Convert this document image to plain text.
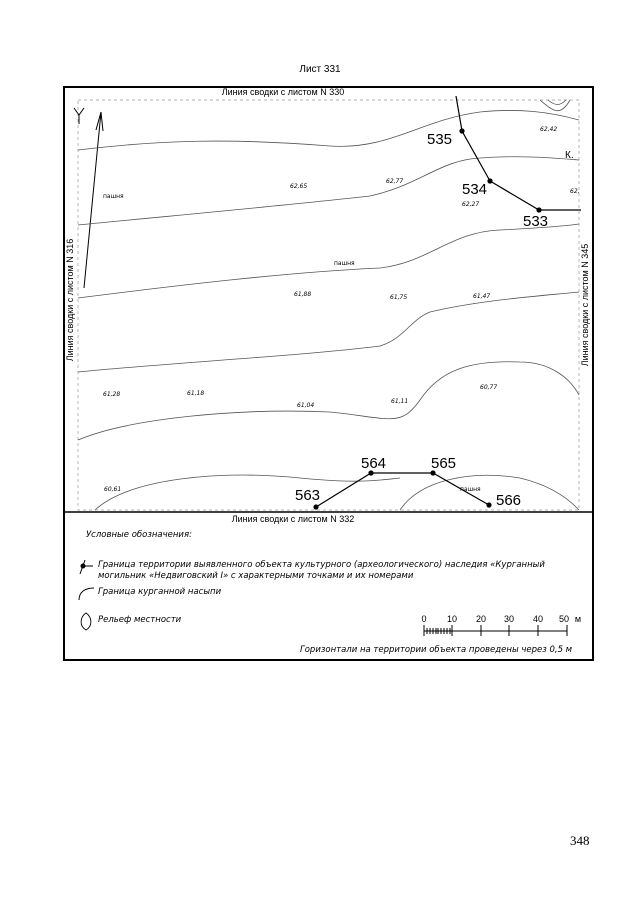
Лист 331
Линия сводки с листом N 330
Линия сводки с листом N 332
Линия сводки с листом N 316	Линия сводки с листом N 345
62,42
62,65
62,77
62,27
62,
61,88	61,75	61,47
61,28	61,18
61,04
61,11
60,77
60,61
пашня
пашня
пашня
К.
535
534
533
563
564	565
566
0 10 20 30 40 50 м
Условные обозначения:
Граница территории выявленного объекта культурного (археологического) наследия «Курганный
могильник «Недвиговский I» с характерными точками и их номерами
Граница курганной насыпи
Рельеф местности
Горизонтали на территории объекта проведены через 0,5 м
348
